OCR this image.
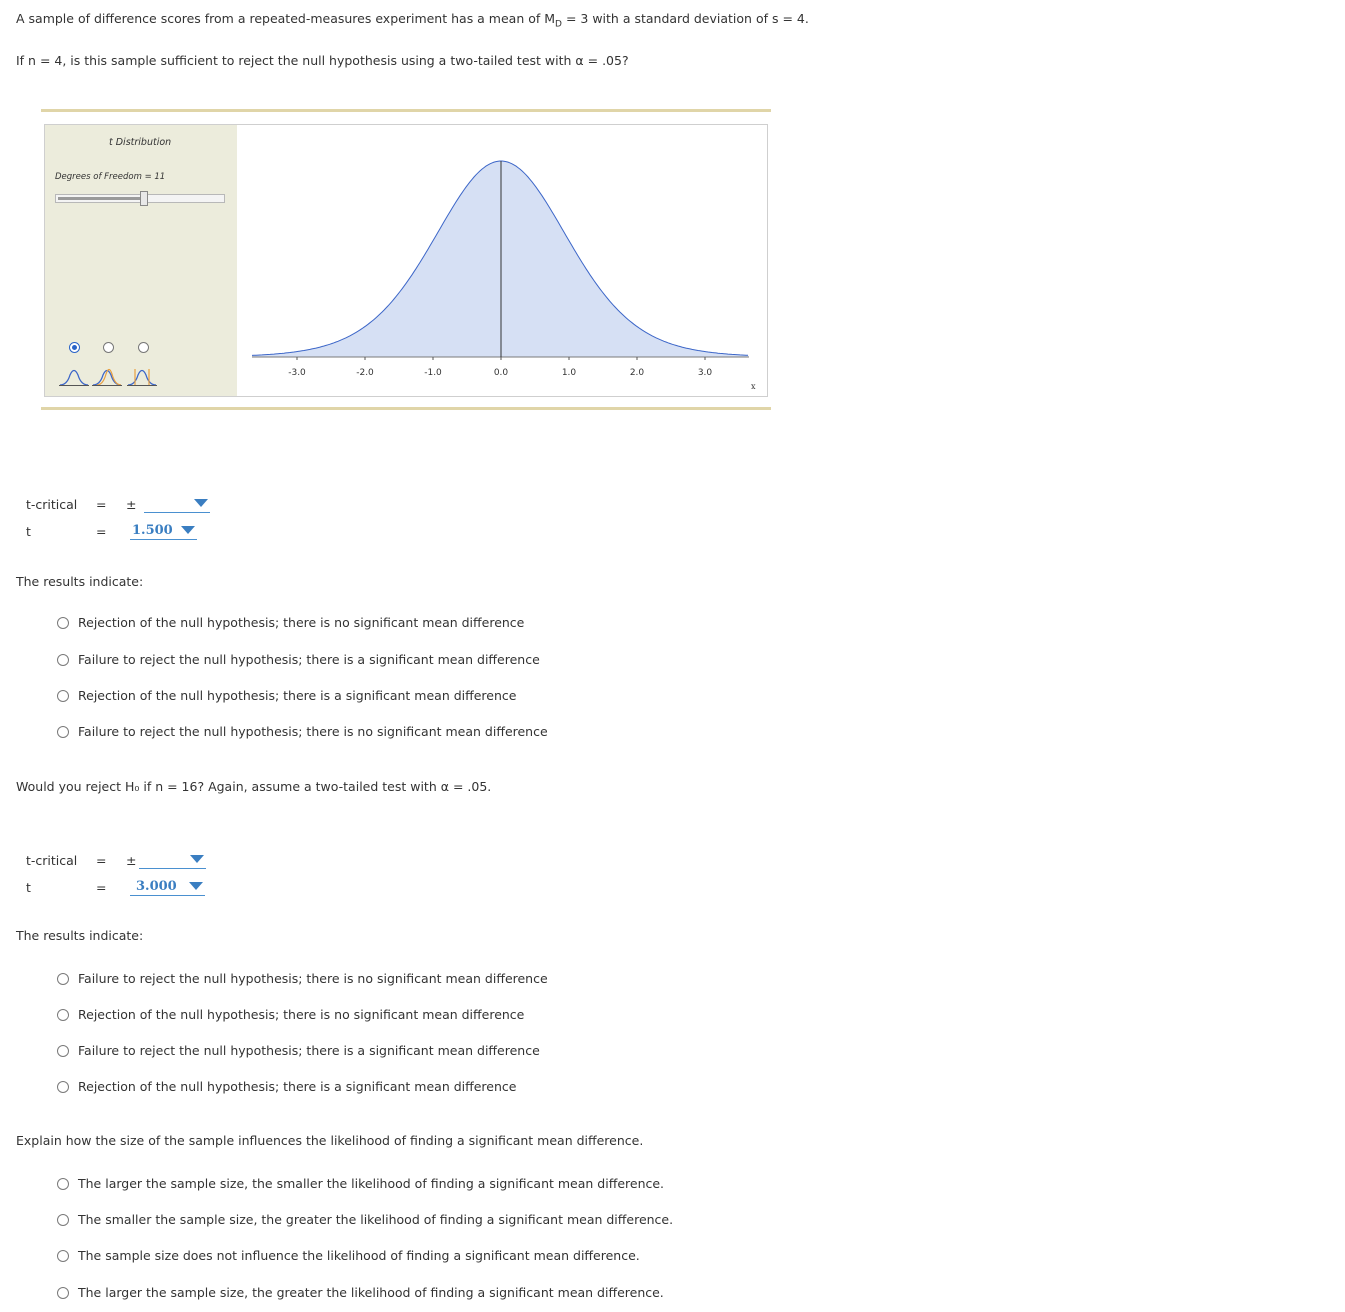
A sample of difference scores from a repeated-measures experiment has a mean of $M_D = 3$ with a standard deviation of s = 4.
If n = 4, is this sample sufficient to reject the null hypothesis using a two-tailed test with α = .05?
t Distribution
Degrees of Freedom = 11
-3.0	-2.0	-1.0	0.0	1.0	2.0	3.0
x
t-critical = ±
t	= 1.500
The results indicate:
Rejection of the null hypothesis; there is no significant mean difference
Failure to reject the null hypothesis; there is a significant mean difference
Rejection of the null hypothesis; there is a significant mean difference
Failure to reject the null hypothesis; there is no significant mean difference
Would you reject H₀ if n = 16? Again, assume a two-tailed test with α = .05.
t-critical = ±
t	= 3.000
The results indicate:
Failure to reject the null hypothesis; there is no significant mean difference
Rejection of the null hypothesis; there is no significant mean difference
Failure to reject the null hypothesis; there is a significant mean difference
Rejection of the null hypothesis; there is a significant mean difference
Explain how the size of the sample influences the likelihood of finding a significant mean difference.
The larger the sample size, the smaller the likelihood of finding a significant mean difference.
The smaller the sample size, the greater the likelihood of finding a significant mean difference.
The sample size does not influence the likelihood of finding a significant mean difference.
The larger the sample size, the greater the likelihood of finding a significant mean difference.
